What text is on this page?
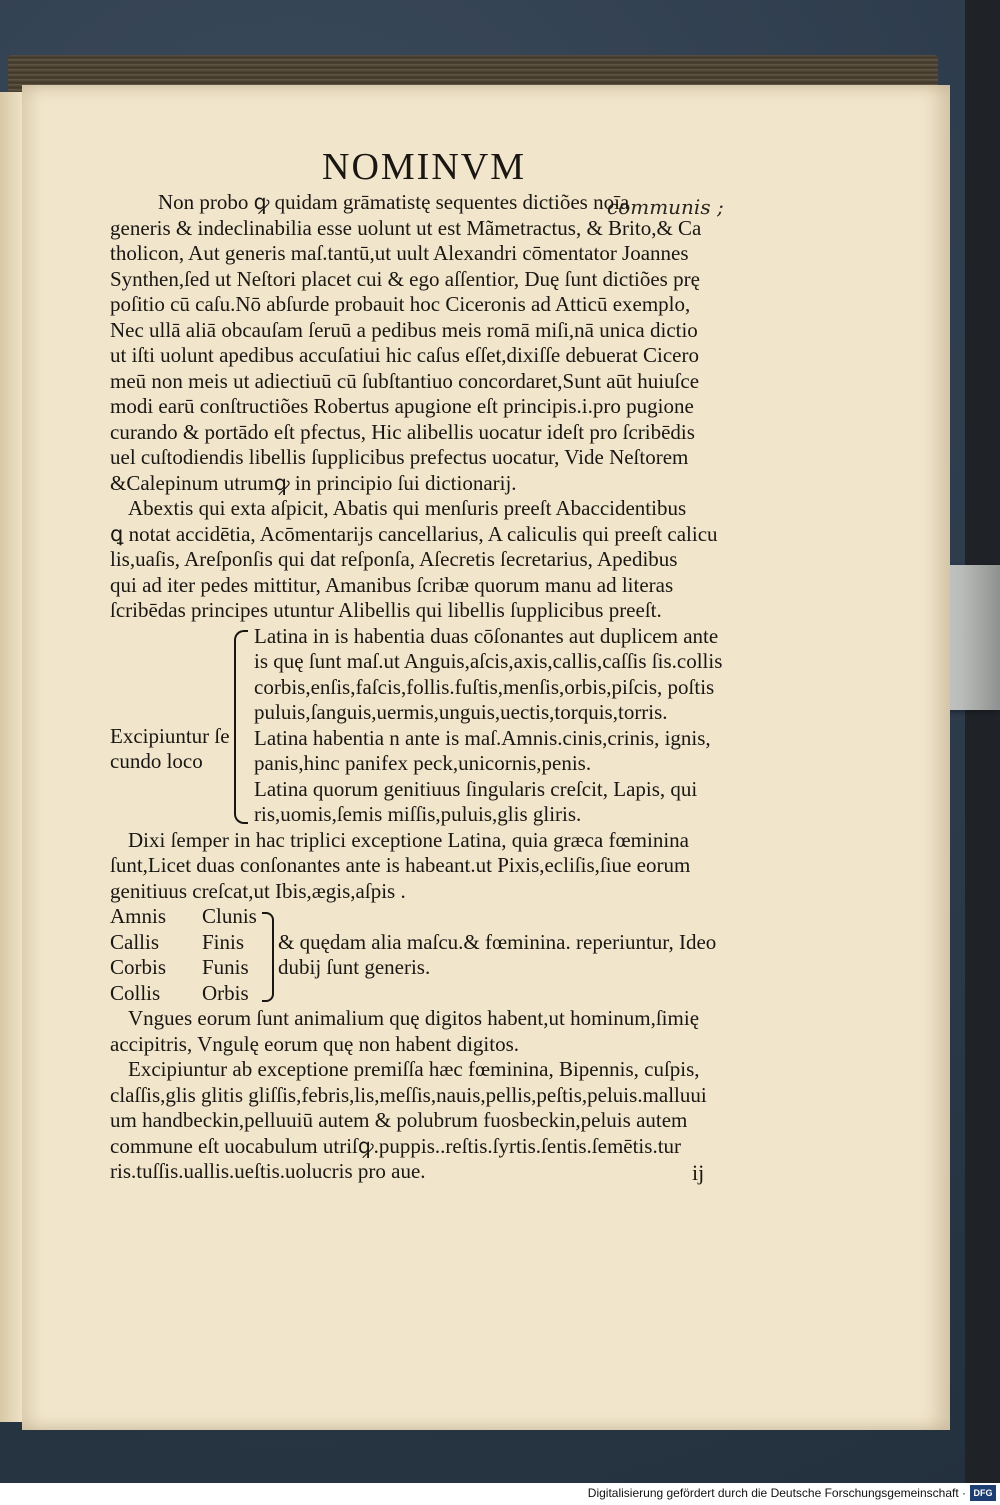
NOMINVM
communis ;
Non probo ꝙ quidam grāmatistę sequentes dictiões noīa
generis & indeclinabilia esse uolunt ut est Mãmetractus, & Brito,& Ca
tholicon, Aut generis maſ.tantū,ut uult Alexandri cōmentator Joannes
Synthen,ſed ut Neſtori placet cui & ego aſſentior, Duę ſunt dictiões prę
poſitio cū caſu.Nō abſurde probauit hoc Ciceronis ad Atticū exemplo,
Nec ullā aliā obcauſam ſeruū a pedibus meis romā miſi,nā unica dictio
ut iſti uolunt apedibus accuſatiui hic caſus eſſet,dixiſſe debuerat Cicero
meū non meis ut adiectiuū cū ſubſtantiuo concordaret,Sunt aūt huiuſce
modi earū conſtructiões Robertus apugione eſt principis.i.pro pugione
curando & portādo eſt pfectus, Hic alibellis uocatur ideſt pro ſcribēdis
uel cuſtodiendis libellis ſupplicibus prefectus uocatur, Vide Neſtorem
&Calepinum utrumꝙ in principio ſui dictionarij.
Abextis qui exta aſpicit, Abatis qui menſuris preeſt Abaccidentibus
ꝗ notat accidētia, Acōmentarijs cancellarius, A caliculis qui preeſt calicu
lis,uaſis, Areſponſis qui dat reſponſa, Aſecretis ſecretarius, Apedibus
qui ad iter pedes mittitur, Amanibus ſcribæ quorum manu ad literas
ſcribēdas principes utuntur Alibellis qui libellis ſupplicibus preeſt.
Excipiuntur ſe
cundo loco
Latina in is habentia duas cōſonantes aut duplicem ante
is quę ſunt maſ.ut Anguis,aſcis,axis,callis,caſſis ſis.collis
corbis,enſis,faſcis,follis.fuſtis,menſis,orbis,piſcis, poſtis
puluis,ſanguis,uermis,unguis,uectis,torquis,torris.
Latina habentia n ante is maſ.Amnis.cinis,crinis, ignis,
panis,hinc panifex peck,unicornis,penis.
Latina quorum genitiuus ſingularis creſcit, Lapis, qui
ris,uomis,ſemis miſſis,puluis,glis gliris.
Dixi ſemper in hac triplici exceptione Latina, quia græca fœminina
ſunt,Licet duas conſonantes ante is habeant.ut Pixis,ecliſis,ſiue eorum
genitiuus creſcat,ut Ibis,ægis,aſpis .
Amnis
Callis
Corbis
Collis
Clunis
Finis
Funis
Orbis
& quędam alia maſcu.& fœminina. reperiuntur, Ideo
dubij ſunt generis.
Vngues eorum ſunt animalium quę digitos habent,ut hominum,ſimię
accipitris, Vngulę eorum quę non habent digitos.
Excipiuntur ab exceptione premiſſa hæc fœminina, Bipennis, cuſpis,
claſſis,glis glitis gliſſis,febris,lis,meſſis,nauis,pellis,peſtis,peluis.malluui
um handbeckin,pelluuiū autem & polubrum fuosbeckin,peluis autem
commune eſt uocabulum utriſꝙ.puppis..reſtis.ſyrtis.ſentis.ſemētis.tur
ris.tuſſis.uallis.ueſtis.uolucris pro aue.	ij
Digitalisierung gefördert durch die Deutsche Forschungsgemeinschaft · DFG
